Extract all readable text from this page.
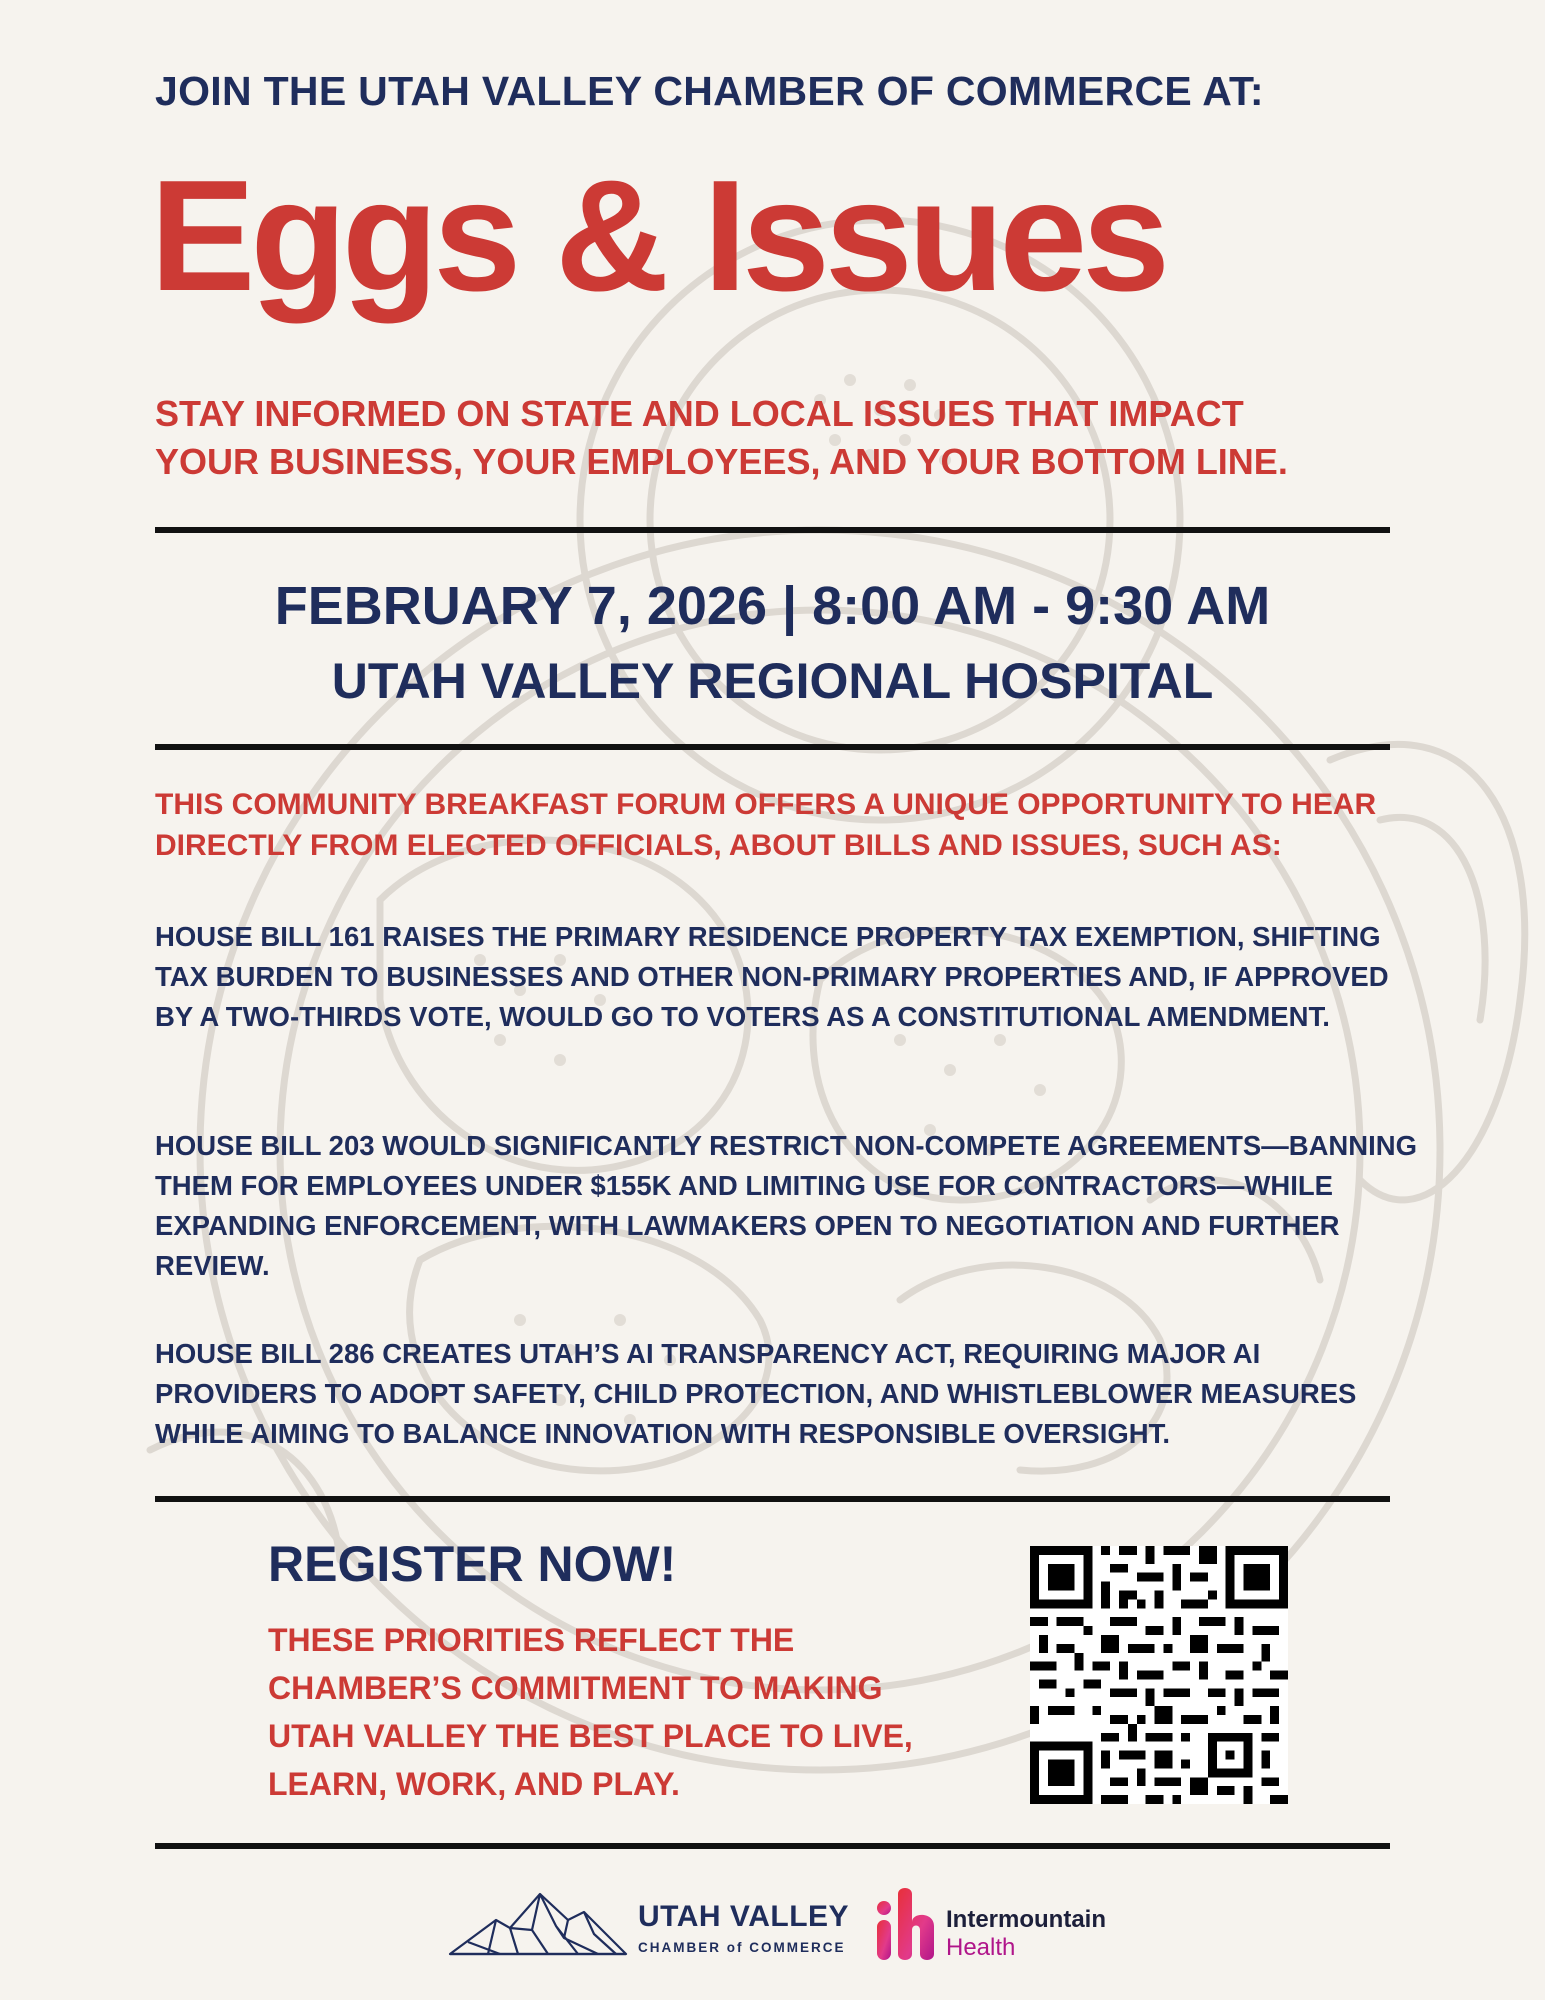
JOIN THE UTAH VALLEY CHAMBER OF COMMERCE AT:
Eggs & Issues
STAY INFORMED ON STATE AND LOCAL ISSUES THAT IMPACT
YOUR BUSINESS, YOUR EMPLOYEES, AND YOUR BOTTOM LINE.
FEBRUARY 7, 2026 | 8:00 AM - 9:30 AM
UTAH VALLEY REGIONAL HOSPITAL
THIS COMMUNITY BREAKFAST FORUM OFFERS A UNIQUE OPPORTUNITY TO HEAR DIRECTLY FROM ELECTED OFFICIALS, ABOUT BILLS AND ISSUES, SUCH AS:
HOUSE BILL 161 RAISES THE PRIMARY RESIDENCE PROPERTY TAX EXEMPTION, SHIFTING TAX BURDEN TO BUSINESSES AND OTHER NON-PRIMARY PROPERTIES AND, IF APPROVED BY A TWO-THIRDS VOTE, WOULD GO TO VOTERS AS A CONSTITUTIONAL AMENDMENT.
HOUSE BILL 203 WOULD SIGNIFICANTLY RESTRICT NON-COMPETE AGREEMENTS—BANNING THEM FOR EMPLOYEES UNDER $155K AND LIMITING USE FOR CONTRACTORS—WHILE EXPANDING ENFORCEMENT, WITH LAWMAKERS OPEN TO NEGOTIATION AND FURTHER REVIEW.
HOUSE BILL 286 CREATES UTAH’S AI TRANSPARENCY ACT, REQUIRING MAJOR AI PROVIDERS TO ADOPT SAFETY, CHILD PROTECTION, AND WHISTLEBLOWER MEASURES WHILE AIMING TO BALANCE INNOVATION WITH RESPONSIBLE OVERSIGHT.
REGISTER NOW!
THESE PRIORITIES REFLECT THE CHAMBER’S COMMITMENT TO MAKING UTAH VALLEY THE BEST PLACE TO LIVE, LEARN, WORK, AND PLAY.
UTAH VALLEY
CHAMBER of COMMERCE
Intermountain
Health
